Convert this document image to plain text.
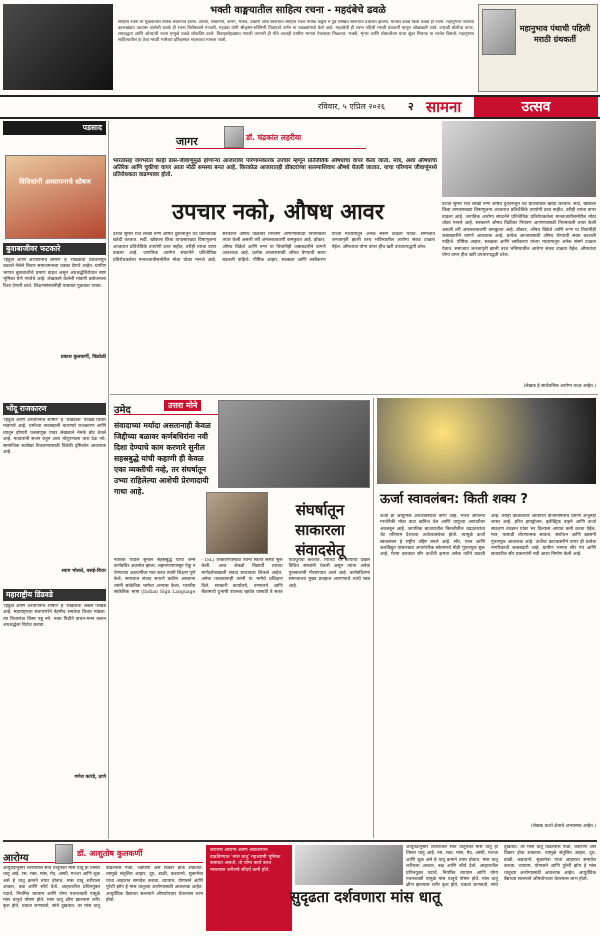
भक्ती वाङ्मयातील साहित्य रचना - महदंबेचे ढवळे
साहित्य रचना या मुळवातील नैतिक स्वरूपात होत्या. ओव्या, लोकगीते, अभंग, भारुडे, उखाणे अशा स्वरूपात साहित्य रचना नैतिक वाङ्मय न पुढे लिखित स्वरूपात प्रचलित झाल्या. यातील डवळे किंवा धवळे ही रचना. महानुभाव पंथाच्या कालखंडात उदयास आलेली धवळे ही रचना विशेषत्वाने गाजली. महदंबा यांनी श्रीकृष्ण-रुक्मिणी विवाहाचे वर्णन या धवळ्यांमध्ये केले आहे. महदंबेची ही रचना पहिली मराठी ग्रंथकर्ती म्हणून ओळखली जाते. वऱ्हाडी बोलीचा वापर, लयबद्धता आणि ओव्यांची रचना यामुळे धवळे लोकप्रिय ठरले. विवाहसोहळ्यात गायली जाणारी ही गीते आजही ग्रामीण भागात ऐकायला मिळतात. भक्ती, शृंगार आणि लोकजीवन यांचा सुंदर मिलाफ या रचनेत दिसतो. महानुभाव साहित्यातील हा ठेवा मराठी भाषेच्या इतिहासात महत्त्वाचा मानला जातो.
महानुभाव पंथाची पहिली मराठी ग्रंथकर्ती
रविवार, ५ एप्रिल २०२६ २ सामना	उत्सव
पडसाद
विविधांगी अध्यापनाचे शोषण
बुवाबाजीवर फटकारे
'हिंदुत्व आणि अध्यापनाचे शोषण' हे 'रोखठोक' प्रवचनातून उठवले गेलेले विचार समाजमनाला धक्का देणारे आहेत. ग्रामीण भागात बुवाबाजीचे प्रमाण वाढत असून अंधश्रद्धेविरोधात स्पष्ट भूमिका घेणे गरजेचे आहे. लेखकाने केलेली मांडणी प्रबोधनाला दिशा देणारी ठरते. शिक्षणसंस्थांनीही याबाबत पुढाकार घ्यावा.
प्रकाश कुलकर्णी, विक्रोळी
भोंदू राजकारण
'हिंदुत्व आणि अध्यापनाचे शोषण' हे 'रोखठोक' परखड विचार मांडणारे आहे. धर्माच्या नावाखाली चालणारे राजकारण आणि त्यातून होणारी फसवणूक यावर लेखकाने नेमके बोट ठेवले आहे. मतदारांनी सजग राहून अशा भोंदूपणाला थारा देऊ नये. सामाजिक सलोखा टिकवण्यासाठी विवेकी दृष्टिकोन आवश्यक आहे.
श्याम भोसले, वसई-विरार
महाराष्ट्रीय डिंडवडे
'हिंदुत्व आणि अध्यापनाचे शोषण' हे 'रोखठोक' लेखन परखड आहे. महाराष्ट्राच्या संतपरंपरेने नेहमीच समतेचा विचार मांडला. त्या विचारांचा विसर पडू नये. नव्या पिढीने वाचन-मनन करून अंधश्रद्धेला विरोध करावा.
गणेश कारंडे, ठाणे
जागर	डॉ. चंद्रकांत लहरीया
भारतासह जगभरात काही डास-जीवाणूंमुळे होणाऱ्या आजारांवर परिणामकारक उपचार म्हणून प्रतिजैविक औषधांचा वापर केला जातो. मात्र, अशा औषधांचा अतिरेक आणि चुकीचा वापर आता मोठी समस्या बनत आहे. किरकोळ आजारातही डॉक्टरांच्या सल्ल्याशिवाय औषधे घेतली जातात. याचा परिणाम जीवाणूंमध्ये प्रतिरोधकता वाढण्यावर होतो.
उपचार नको, औषध आवर
देशात सुमारे रोज लाखो रुग्ण औषध दुकानांतून थेट प्रतिजैविके खरेदी करतात. सर्दी, खोकला किंवा तापासारख्या विषाणूजन्य आजारात प्रतिजैविके उपयोगी ठरत नाहीत, तरीही त्यांचा वापर वाढला आहे. जागतिक आरोग्य संघटनेने प्रतिजैविक प्रतिरोधकतेला मानवजातीसमोरील मोठा धोका मानले आहे. सरकारने औषध विक्रीवर नियंत्रण आणण्यासाठी नियमावली तयार केली असली तरी अंमलबजावणी कमकुवत आहे. डॉक्टर, औषध विक्रेते आणि रुग्ण या तिघांनीही जबाबदारीने वागणे आवश्यक आहे. प्रत्येक आजारासाठी औषध घेण्याची सवय बदलली पाहिजे. पौष्टिक आहार, स्वच्छता आणि लसीकरण यांच्या माध्यमातून अनेक संसर्ग टाळता येतात. समाजात जनजागृती झाली तरच भविष्यातील आरोग्य संकट टाळता येईल. औषधांचा योग्य वापर हीच खरी उपचारपद्धती ठरेल.
देशात सुमारे रोज लाखो रुग्ण औषध दुकानांतून थेट प्रतिजैविके खरेदी करतात. सर्दी, खोकला किंवा तापासारख्या विषाणूजन्य आजारात प्रतिजैविके उपयोगी ठरत नाहीत, तरीही त्यांचा वापर वाढला आहे. जागतिक आरोग्य संघटनेने प्रतिजैविक प्रतिरोधकतेला मानवजातीसमोरील मोठा धोका मानले आहे. सरकारने औषध विक्रीवर नियंत्रण आणण्यासाठी नियमावली तयार केली असली तरी अंमलबजावणी कमकुवत आहे. डॉक्टर, औषध विक्रेते आणि रुग्ण या तिघांनीही जबाबदारीने वागणे आवश्यक आहे. प्रत्येक आजारासाठी औषध घेण्याची सवय बदलली पाहिजे. पौष्टिक आहार, स्वच्छता आणि लसीकरण यांच्या माध्यमातून अनेक संसर्ग टाळता येतात. समाजात जनजागृती झाली तरच भविष्यातील आरोग्य संकट टाळता येईल. औषधांचा योग्य वापर हीच खरी उपचारपद्धती ठरेल.
(लेखक हे सार्वजनिक आरोग्य तज्ज्ञ आहेत.)
उमेद	उत्तरा मोने
संवादाच्या मर्यादा असतानाही केवळ जिद्दीच्या बळावर कर्णबधिरांना नवी दिशा देण्याचे काम करणारे सुनील सहस्रबुद्धे यांची कहाणी ही केवळ एका व्यक्तीची नव्हे, तर संघर्षातून उभ्या राहिलेल्या आशेची प्रेरणादायी गाथा आहे.
संघर्षातून साकारला संवादसेतू
नाशिक येथील सुनील सहस्रबुद्धे यांचा जन्म कर्णबधिर अवस्थेत झाला. लहानपणापासून ऐकू न येण्याच्या अडचणींवर मात करत त्यांनी शिक्षण पूर्ण केले. समाजात संवाद साधणे कठीण असताना त्यांनी सांकेतिक भाषेचा अभ्यास केला. भारतीय सांकेतिक भाषा (Indian Sign Language - ISL) शिकवण्यासाठी त्यांनी स्वतंत्र संस्था सुरू केली. आज शेकडो विद्यार्थी त्यांच्या मार्गदर्शनाखाली संवाद साधायला शिकले आहेत. अनेक पालकांनाही त्यांनी या भाषेचे प्रशिक्षण दिले. सरकारी कार्यालये, रुग्णालये आणि बँकांमध्ये दुभाषी उपलब्ध व्हावेत यासाठी ते सतत पाठपुरावा करतात. त्यांच्या या कार्याची दखल विविध संस्थांनी घेतली असून त्यांना अनेक पुरस्कारांनी गौरवण्यात आले आहे. कर्णबधिरांना समाजाच्या मुख्य प्रवाहात आणण्याचे त्यांचे स्वप्न आहे.
ऊर्जा स्वावलंबन: किती शक्य ?
ऊर्जा हा आधुनिक अर्थव्यवस्थेचा कणा आहे. भारत आपल्या गरजेपैकी मोठा वाटा खनिज तेल आणि वायूच्या आयातीवर अवलंबून आहे. जागतिक बाजारातील किमतीतील चढउतारांचा थेट परिणाम देशाच्या अर्थव्यवस्थेवर होतो. त्यामुळे ऊर्जा स्वावलंबन हे राष्ट्रीय उद्दिष्ट बनले आहे. सौर, पवन आणि जलविद्युत यांसारख्या अपारंपरिक स्रोतांमध्ये मोठी गुंतवणूक सुरू आहे. गेल्या दशकात सौर ऊर्जेची क्षमता अनेक पटीने वाढली आहे. तरीही कोळशावर आधारित वीजनिर्मितीचे प्रमाण अजूनही जास्त आहे. हरित हायड्रोजन, इलेक्ट्रिक वाहने आणि ऊर्जा साठवण तंत्रज्ञान यांवर भर दिल्यास आयात कमी करता येईल. मात्र, यासाठी धोरणात्मक सातत्य, संशोधन आणि खासगी गुंतवणूक आवश्यक आहे. ऊर्जेचा काटकसरीने वापर ही प्रत्येक नागरिकाची जबाबदारी आहे. ग्रामीण भागात सौर पंप आणि छतावरील सौर प्रकल्पांनी नवी आशा निर्माण केली आहे.
(लेखक ऊर्जा क्षेत्राचे अभ्यासक आहेत.)
आरोग्य	डॉ. आशुतोष कुलकर्णी	शरीराचे आरोग्य आणि आकारमान वाढविण्यात 'मांस धातू' महत्त्वाची भूमिका बजावत असतो. तो योग्य कार्य करत नसल्यास शरीराचे सौंदर्य कमी होते.
सुदृढता दर्शवणारा मांस धातू
आयुर्वेदानुसार शरीरातील सात धातूंपैकी मांस धातू हा तिसरा धातू आहे. रस, रक्त, मांस, मेद, अस्थी, मज्जा आणि शुक्र असे हे धातू क्रमाने तयार होतात. मांस धातू शरीराला आकार, बळ आणि स्थैर्य देतो. आहारातील प्रथिनयुक्त पदार्थ, नियमित व्यायाम आणि योग्य पचनशक्ती यांमुळे मांस धातूचे पोषण होते. मांस धातू क्षीण झाल्यास शरीर कृश होते, थकवा जाणवतो, सांधे दुखतात. तर मांस धातू वाढल्यास गाठी, जडपणा असे विकार होऊ शकतात. त्यामुळे संतुलित आहार, दूध, डाळी, कडधान्ये, सुकामेवा यांचा आहारात समावेश करावा. व्यायाम, योगासने आणि पुरेशी झोप हे मांस धातूच्या आरोग्यासाठी आवश्यक आहेत. आयुर्वेदिक वैद्याच्या सल्ल्याने औषधोपचार घेतल्यास लाभ होतो.
आयुर्वेदानुसार शरीरातील सात धातूंपैकी मांस धातू हा तिसरा धातू आहे. रस, रक्त, मांस, मेद, अस्थी, मज्जा आणि शुक्र असे हे धातू क्रमाने तयार होतात. मांस धातू शरीराला आकार, बळ आणि स्थैर्य देतो. आहारातील प्रथिनयुक्त पदार्थ, नियमित व्यायाम आणि योग्य पचनशक्ती यांमुळे मांस धातूचे पोषण होते. मांस धातू क्षीण झाल्यास शरीर कृश होते, थकवा जाणवतो, सांधे दुखतात. तर मांस धातू वाढल्यास गाठी, जडपणा असे विकार होऊ शकतात. त्यामुळे संतुलित आहार, दूध, डाळी, कडधान्ये, सुकामेवा यांचा आहारात समावेश करावा. व्यायाम, योगासने आणि पुरेशी झोप हे मांस धातूच्या आरोग्यासाठी आवश्यक आहेत. आयुर्वेदिक वैद्याच्या सल्ल्याने औषधोपचार घेतल्यास लाभ होतो.
